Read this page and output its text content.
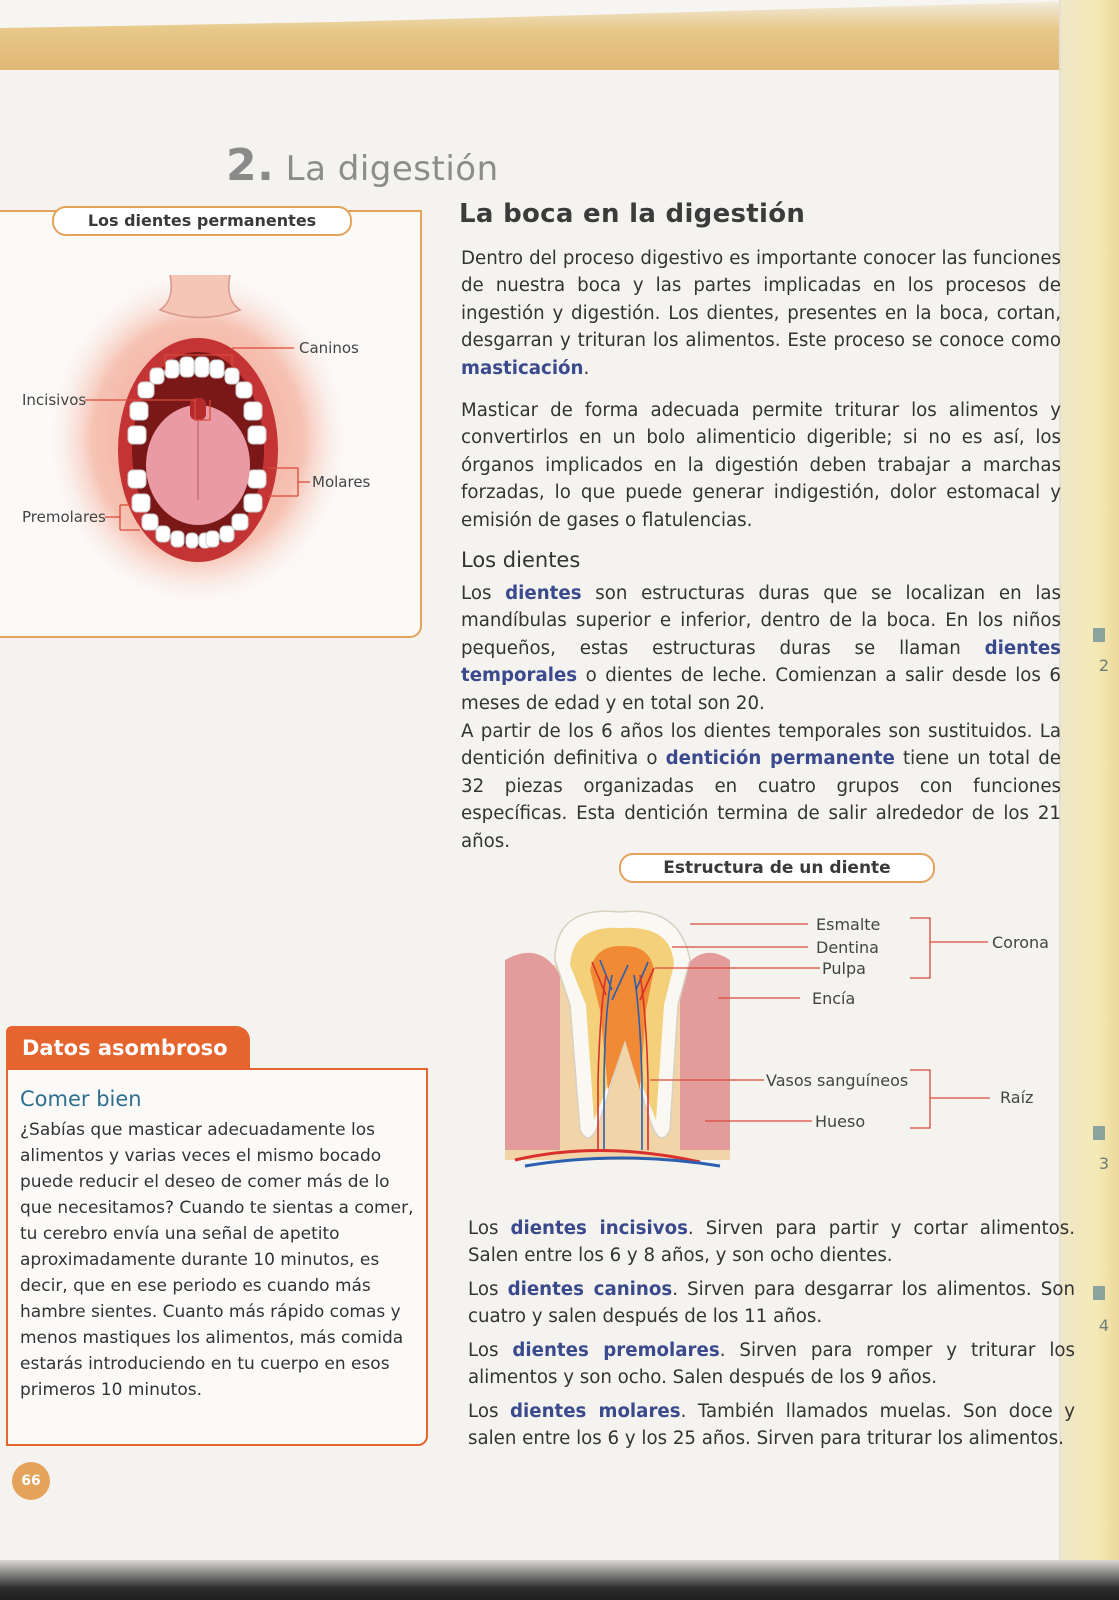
2
3
4
2. La digestión
Los dientes permanentes
Caninos
Incisivos
Molares
Premolares
La boca en la digestión

Dentro del proceso digestivo es importante conocer las funciones de nuestra boca y las partes implicadas en los procesos de ingestión y digestión. Los dientes, presentes en la boca, cortan, desgarran y trituran los alimentos. Este proceso se conoce como masticación.

Masticar de forma adecuada permite triturar los alimentos y convertirlos en un bolo alimenticio digerible; si no es así, los órganos implicados en la digestión deben trabajar a marchas forzadas, lo que puede generar indigestión, dolor estomacal y emisión de gases o flatulencias.

Los dientes

Los dientes son estructuras duras que se localizan en las mandíbulas superior e inferior, dentro de la boca. En los niños pequeños, estas estructuras duras se llaman dientes temporales o dientes de leche. Comienzan a salir desde los 6 meses de edad y en total son 20.

A partir de los 6 años los dientes temporales son sustituidos. La dentición definitiva o dentición permanente tiene un total de 32 piezas organizadas en cuatro grupos con funciones específicas. Esta dentición termina de salir alrededor de los 21 años.

Estructura de un diente
Esmalte
Dentina
Pulpa
Encía
Corona
Vasos sanguíneos
Hueso
Raíz

Los dientes incisivos. Sirven para partir y cortar alimentos. Salen entre los 6 y 8 años, y son ocho dientes.

Los dientes caninos. Sirven para desgarrar los alimentos. Son cuatro y salen después de los 11 años.

Los dientes premolares. Sirven para romper y triturar los alimentos y son ocho. Salen después de los 9 años.

Los dientes molares. También llamados muelas. Son doce y salen entre los 6 y los 25 años. Sirven para triturar los alimentos.

Datos asombroso
Comer bien

¿Sabías que masticar adecuadamente los alimentos y varias veces el mismo bocado puede reducir el deseo de comer más de lo que necesitamos? Cuando te sientas a comer, tu cerebro envía una señal de apetito aproximadamente durante 10 minutos, es decir, que en ese periodo es cuando más hambre sientes. Cuanto más rápido comas y menos mastiques los alimentos, más comida estarás introduciendo en tu cuerpo en esos primeros 10 minutos.

66
